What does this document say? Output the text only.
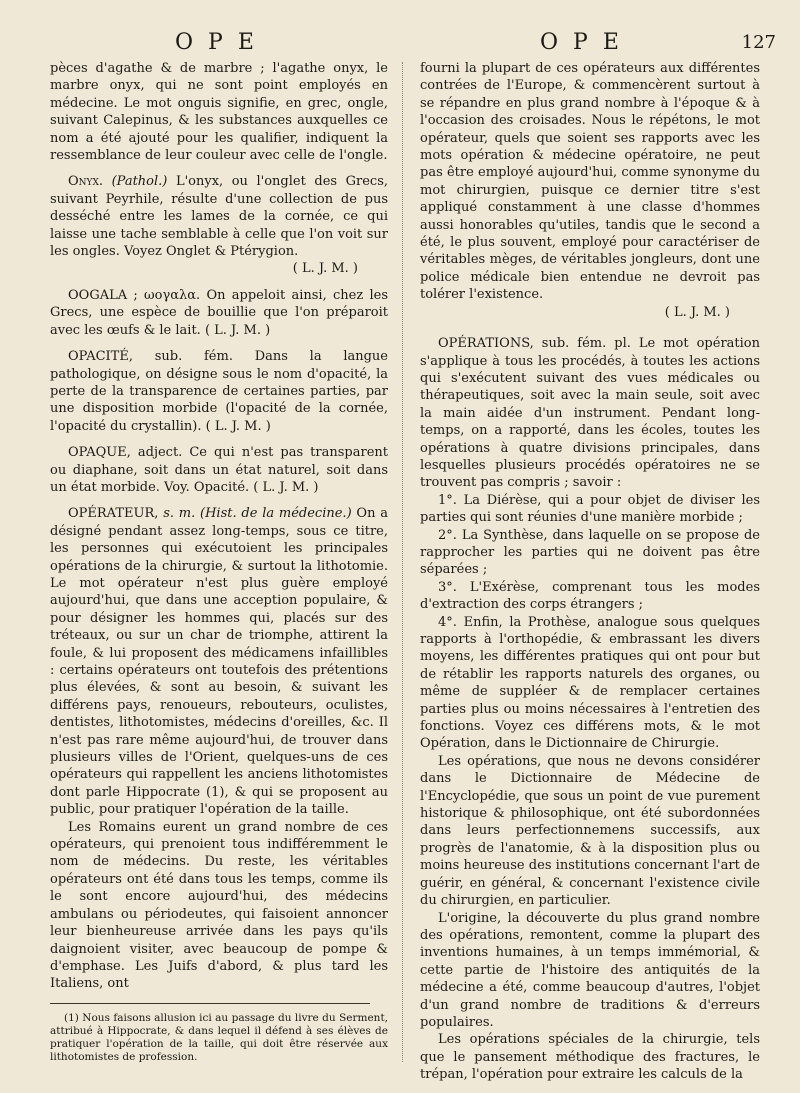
O P E	O P E	127

pèces d'agathe & de marbre ; l'agathe onyx, le marbre onyx, qui ne sont point employés en médecine. Le mot onguis signifie, en grec, ongle, suivant Calepinus, & les substances auxquelles ce nom a été ajouté pour les qualifier, indiquent la ressemblance de leur couleur avec celle de l'ongle.

Onyx. (Pathol.) L'onyx, ou l'onglet des Grecs, suivant Peyrhile, résulte d'une collection de pus desséché entre les lames de la cornée, ce qui laisse une tache semblable à celle que l'on voit sur les ongles. Voyez Onglet & Ptérygion.

( L. J. M. )

OOGALA ; ωογαλα. On appeloit ainsi, chez les Grecs, une espèce de bouillie que l'on préparoit avec les œufs & le lait. ( L. J. M. )

OPACITÉ, sub. fém. Dans la langue pathologique, on désigne sous le nom d'opacité, la perte de la transparence de certaines parties, par une disposition morbide (l'opacité de la cornée, l'opacité du crystallin). ( L. J. M. )

OPAQUE, adject. Ce qui n'est pas transparent ou diaphane, soit dans un état naturel, soit dans un état morbide. Voy. Opacité. ( L. J. M. )

OPÉRATEUR, s. m. (Hist. de la médecine.) On a désigné pendant assez long-temps, sous ce titre, les personnes qui exécutoient les principales opérations de la chirurgie, & surtout la lithotomie. Le mot opérateur n'est plus guère employé aujourd'hui, que dans une acception populaire, & pour désigner les hommes qui, placés sur des tréteaux, ou sur un char de triomphe, attirent la foule, & lui proposent des médicamens infaillibles : certains opérateurs ont toutefois des prétentions plus élevées, & sont au besoin, & suivant les différens pays, renoueurs, rebouteurs, oculistes, dentistes, lithotomistes, médecins d'oreilles, &c. Il n'est pas rare même aujourd'hui, de trouver dans plusieurs villes de l'Orient, quelques-uns de ces opérateurs qui rappellent les anciens lithotomistes dont parle Hippocrate (1), & qui se proposent au public, pour pratiquer l'opération de la taille.

Les Romains eurent un grand nombre de ces opérateurs, qui prenoient tous indifféremment le nom de médecins. Du reste, les véritables opérateurs ont été dans tous les temps, comme ils le sont encore aujourd'hui, des médecins ambulans ou périodeutes, qui faisoient annoncer leur bienheureuse arrivée dans les pays qu'ils daignoient visiter, avec beaucoup de pompe & d'emphase. Les Juifs d'abord, & plus tard les Italiens, ont

(1) Nous faisons allusion ici au passage du livre du Serment, attribué à Hippocrate, & dans lequel il défend à ses élèves de pratiquer l'opération de la taille, qui doit être réservée aux lithotomistes de profession.

fourni la plupart de ces opérateurs aux différentes contrées de l'Europe, & commencèrent surtout à se répandre en plus grand nombre à l'époque & à l'occasion des croisades. Nous le répétons, le mot opérateur, quels que soient ses rapports avec les mots opération & médecine opératoire, ne peut pas être employé aujourd'hui, comme synonyme du mot chirurgien, puisque ce dernier titre s'est appliqué constamment à une classe d'hommes aussi honorables qu'utiles, tandis que le second a été, le plus souvent, employé pour caractériser de véritables mèges, de véritables jongleurs, dont une police médicale bien entendue ne devroit pas tolérer l'existence.

( L. J. M. )

OPÉRATIONS, sub. fém. pl. Le mot opération s'applique à tous les procédés, à toutes les actions qui s'exécutent suivant des vues médicales ou thérapeutiques, soit avec la main seule, soit avec la main aidée d'un instrument. Pendant long-temps, on a rapporté, dans les écoles, toutes les opérations à quatre divisions principales, dans lesquelles plusieurs procédés opératoires ne se trouvent pas compris ; savoir :

1°. La Diérèse, qui a pour objet de diviser les parties qui sont réunies d'une manière morbide ;

2°. La Synthèse, dans laquelle on se propose de rapprocher les parties qui ne doivent pas être séparées ;

3°. L'Exérèse, comprenant tous les modes d'extraction des corps étrangers ;

4°. Enfin, la Prothèse, analogue sous quelques rapports à l'orthopédie, & embrassant les divers moyens, les différentes pratiques qui ont pour but de rétablir les rapports naturels des organes, ou même de suppléer & de remplacer certaines parties plus ou moins nécessaires à l'entretien des fonctions. Voyez ces différens mots, & le mot Opération, dans le Dictionnaire de Chirurgie.

Les opérations, que nous ne devons considérer dans le Dictionnaire de Médecine de l'Encyclopédie, que sous un point de vue purement historique & philosophique, ont été subordonnées dans leurs perfectionnemens successifs, aux progrès de l'anatomie, & à la disposition plus ou moins heureuse des institutions concernant l'art de guérir, en général, & concernant l'existence civile du chirurgien, en particulier.

L'origine, la découverte du plus grand nombre des opérations, remontent, comme la plupart des inventions humaines, à un temps immémorial, & cette partie de l'histoire des antiquités de la médecine a été, comme beaucoup d'autres, l'objet d'un grand nombre de traditions & d'erreurs populaires.

Les opérations spéciales de la chirurgie, tels que le pansement méthodique des fractures, le trépan, l'opération pour extraire les calculs de la
